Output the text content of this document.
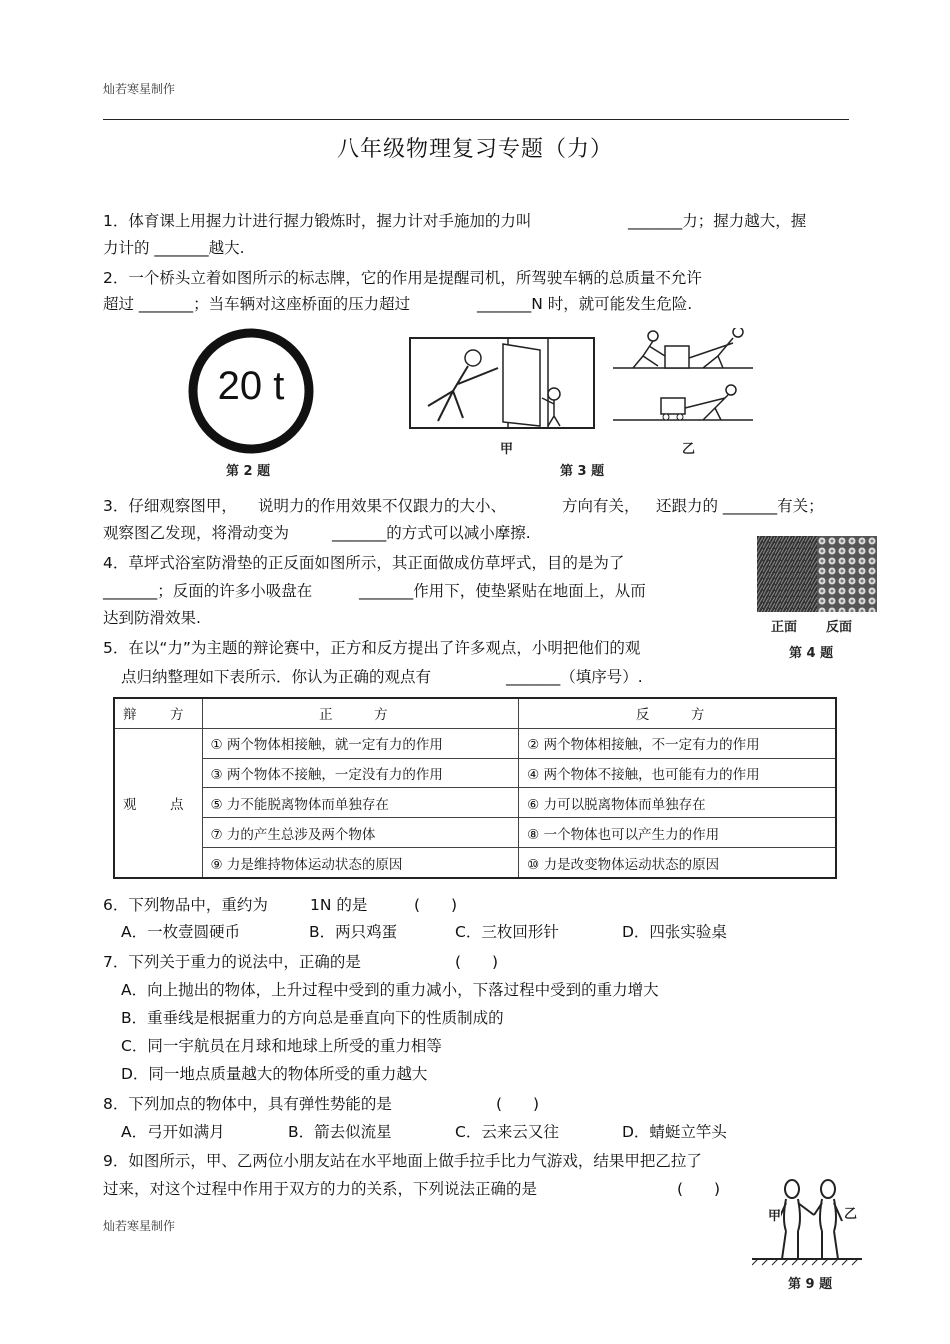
灿若寒星制作
八年级物理复习专题（力）
1．体育课上用握力计进行握力锻炼时，握力计对手施加的力叫	_______力；握力越大，握
力计的 _______越大.
2．一个桥头立着如图所示的标志牌，它的作用是提醒司机，所驾驶车辆的总质量不允许
超过 _______；当车辆对这座桥面的压力超过	_______N 时，就可能发生危险.
20 t
第 2 题
甲	乙
第 3 题
3．仔细观察图甲， 说明力的作用效果不仅跟力的大小、	方向有关， 还跟力的 _______有关；
观察图乙发现，将滑动变为	_______的方式可以减小摩擦.
4．草坪式浴室防滑垫的正反面如图所示，其正面做成仿草坪式，目的是为了
_______；反面的许多小吸盘在	_______作用下，使垫紧贴在地面上，从而
达到防滑效果.
正面 反面
第 4 题
5．在以“力”为主题的辩论赛中，正方和反方提出了许多观点，小明把他们的观
点归纳整理如下表所示．你认为正确的观点有	_______（填序号）.
辩　方	正　方	反　方
观　点	① 两个物体相接触，就一定有力的作用	② 两个物体相接触，不一定有力的作用
	③ 两个物体不接触，一定没有力的作用	④ 两个物体不接触，也可能有力的作用
	⑤ 力不能脱离物体而单独存在	⑥ 力可以脱离物体而单独存在
	⑦ 力的产生总涉及两个物体	⑧ 一个物体也可以产生力的作用
	⑨ 力是维持物体运动状态的原因	⑩ 力是改变物体运动状态的原因
6．下列物品中，重约为	1N 的是	(　　)
A．一枚壹圆硬币	B．两只鸡蛋	C．三枚回形针	D．四张实验桌
7．下列关于重力的说法中，正确的是	(　　)
A．向上抛出的物体，上升过程中受到的重力减小，下落过程中受到的重力增大
B．重垂线是根据重力的方向总是垂直向下的性质制成的
C．同一宇航员在月球和地球上所受的重力相等
D．同一地点质量越大的物体所受的重力越大
8．下列加点的物体中，具有弹性势能的是	(　　)
A．弓开如满月	B．箭去似流星	C．云来云又往	D．蜻蜓立竿头
9．如图所示，甲、乙两位小朋友站在水平地面上做手拉手比力气游戏，结果甲把乙拉了
过来，对这个过程中作用于双方的力的关系，下列说法正确的是	(　　)
甲	乙
第 9 题
灿若寒星制作
